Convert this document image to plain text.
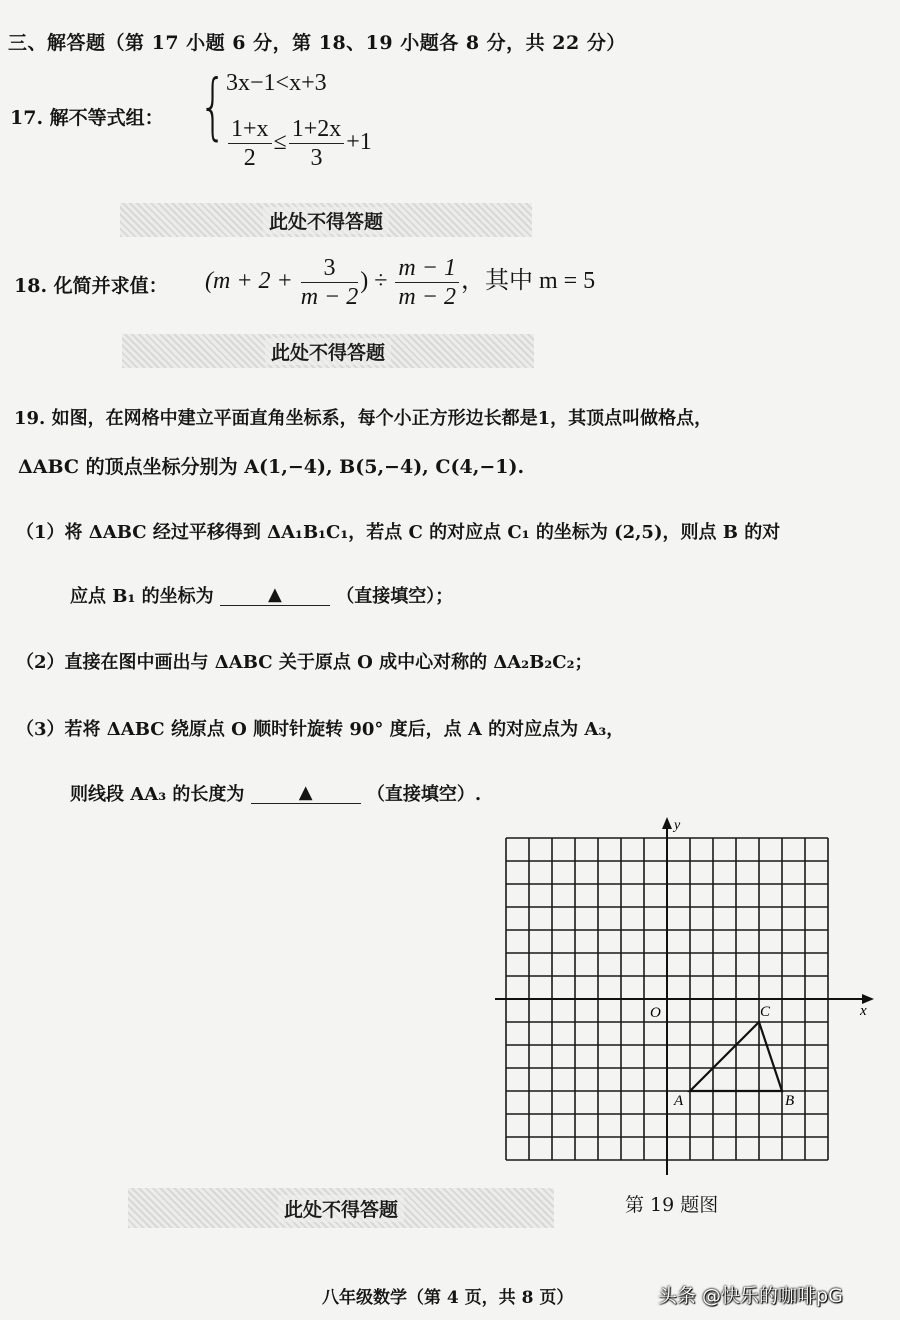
三、解答题（第 17 小题 6 分，第 18、19 小题各 8 分，共 22 分）
17. 解不等式组： { 3x−1<x+3
$\frac{1+x}{2} \le \frac{1+2x}{3} +1$
此处不得答题
18. 化简并求值： ($m + 2 + \frac{3}{m - 2}$ ) ÷ $\frac{m - 1}{m - 2}$ ，其中 m = 5
此处不得答题
19. 如图，在网格中建立平面直角坐标系，每个小正方形边长都是1，其顶点叫做格点，
ΔABC 的顶点坐标分别为 A(1,−4), B(5,−4), C(4,−1).
（1）将 ΔABC 经过平移得到 ΔA₁B₁C₁，若点 C 的对应点 C₁ 的坐标为 (2,5)，则点 B 的对
应点 B₁ 的坐标为	▲	（直接填空）；
（2）直接在图中画出与 ΔABC 关于原点 O 成中心对称的 ΔA₂B₂C₂；
（3）若将 ΔABC 绕原点 O 顺时针旋转 90° 度后，点 A 的对应点为 A₃，
则线段 AA₃ 的长度为	▲	（直接填空）.
y
x
O
A	B
C
第 19 题图
此处不得答题
八年级数学（第 4 页，共 8 页）	头条 @快乐的咖啡pG
